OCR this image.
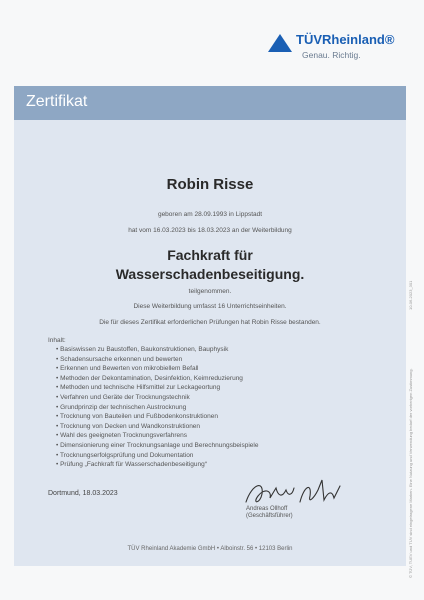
TÜVRheinland®
Genau. Richtig.
Zertifikat
Robin Risse
geboren am 28.09.1993 in Lippstadt
hat vom 16.03.2023 bis 18.03.2023 an der Weiterbildung
Fachkraft für
Wasserschadenbeseitigung.
teilgenommen.
Diese Weiterbildung umfasst 16 Unterrichtseinheiten.
Die für dieses Zertifikat erforderlichen Prüfungen hat Robin Risse bestanden.
Inhalt:
• Basiswissen zu Baustoffen, Baukonstruktionen, Bauphysik
• Schadensursache erkennen und bewerten
• Erkennen und Bewerten von mikrobiellem Befall
• Methoden der Dekontamination, Desinfektion, Keimreduzierung
• Methoden und technische Hilfsmittel zur Leckageortung
• Verfahren und Geräte der Trocknungstechnik
• Grundprinzip der technischen Austrocknung
• Trocknung von Bauteilen und Fußbodenkonstruktionen
• Trocknung von Decken und Wandkonstruktionen
• Wahl des geeigneten Trocknungsverfahrens
• Dimensionierung einer Trocknungsanlage und Berechnungsbeispiele
• Trocknungserfolgsprüfung und Dokumentation
• Prüfung „Fachkraft für Wasserschadenbeseitigung“
Dortmund, 18.03.2023
Andreas Ollhoff
(Geschäftsführer)
TÜV Rheinland Akademie GmbH • Alboinstr. 56 • 12103 Berlin	© TÜV, TUEV und TUV sind eingetragene Marken. Eine Nutzung und Verwendung bedarf der vorherigen Zustimmung.
10-06-2023_301
